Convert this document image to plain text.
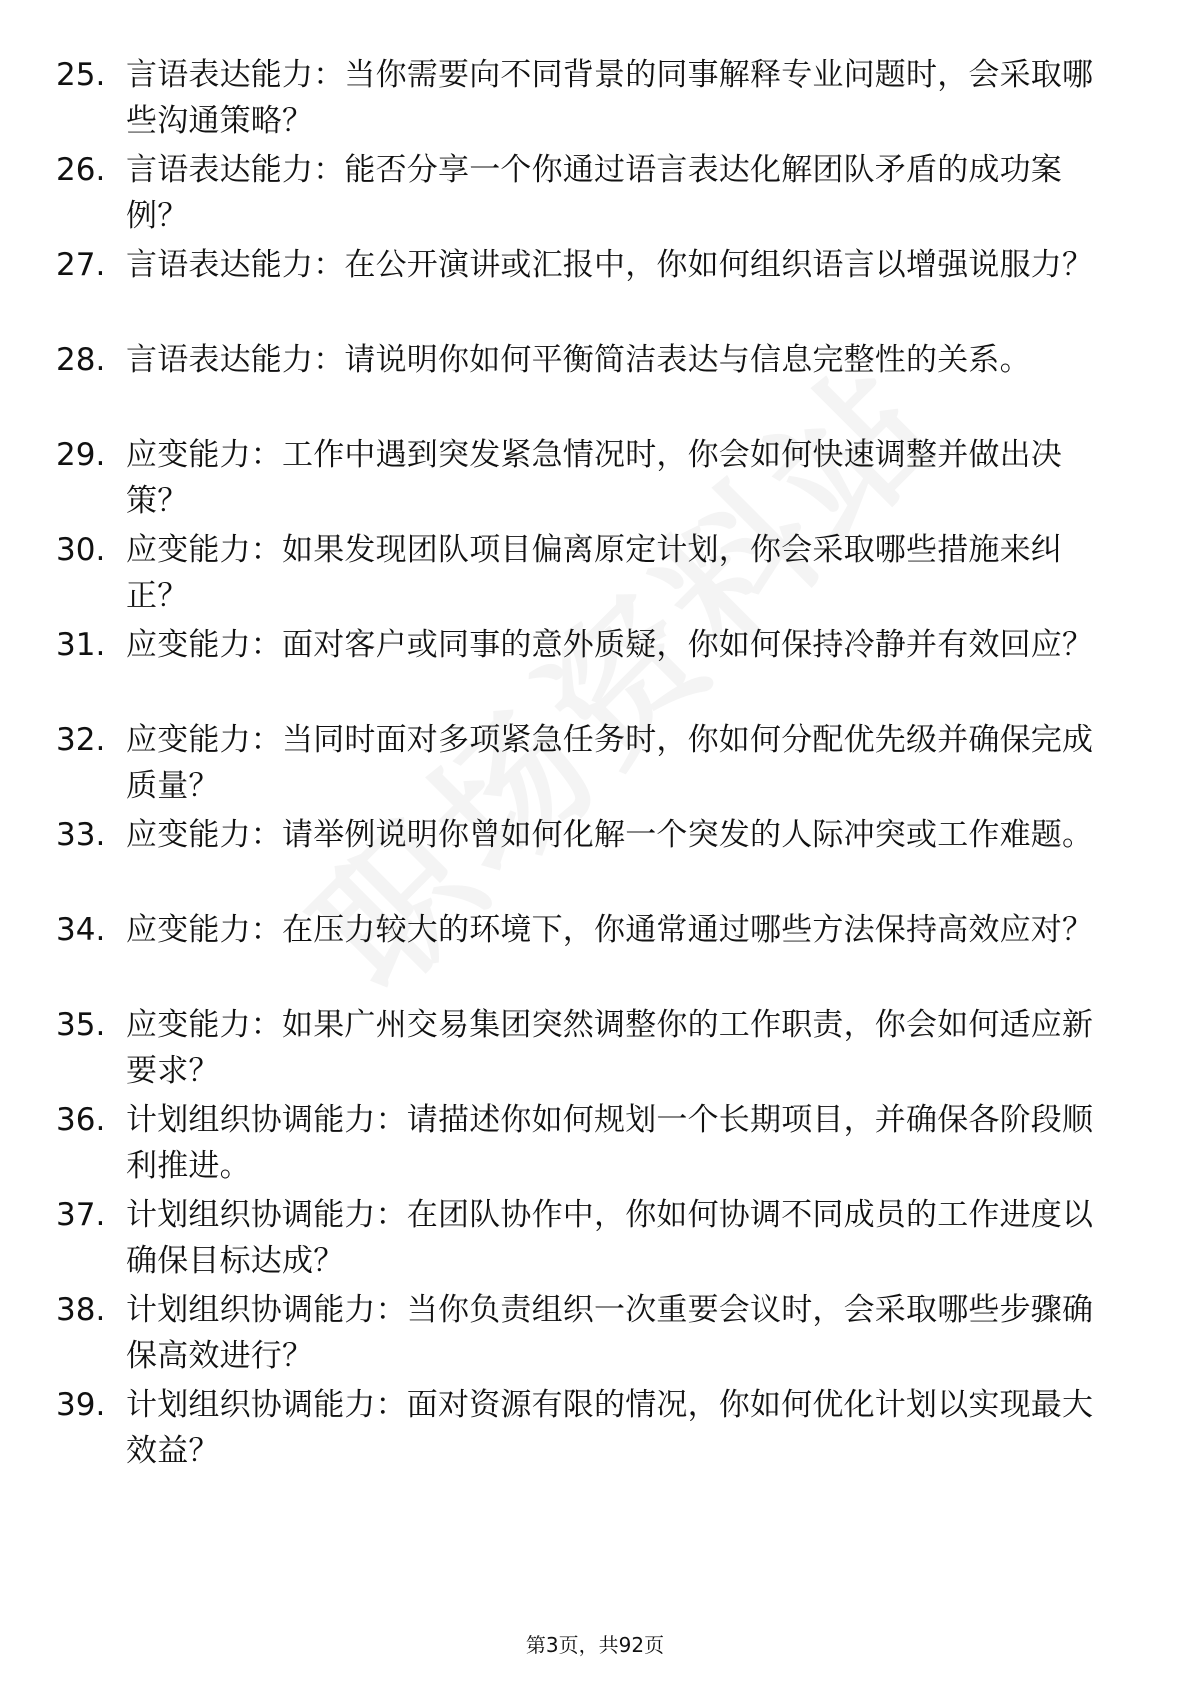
25. 言语表达能力：当你需要向不同背景的同事解释专业问题时，会采取哪些沟通策略？
26. 言语表达能力：能否分享一个你通过语言表达化解团队矛盾的成功案例？
27. 言语表达能力：在公开演讲或汇报中，你如何组织语言以增强说服力？
28. 言语表达能力：请说明你如何平衡简洁表达与信息完整性的关系。
29. 应变能力：工作中遇到突发紧急情况时，你会如何快速调整并做出决策？
30. 应变能力：如果发现团队项目偏离原定计划，你会采取哪些措施来纠正？
31. 应变能力：面对客户或同事的意外质疑，你如何保持冷静并有效回应？
32. 应变能力：当同时面对多项紧急任务时，你如何分配优先级并确保完成质量？
33. 应变能力：请举例说明你曾如何化解一个突发的人际冲突或工作难题。
34. 应变能力：在压力较大的环境下，你通常通过哪些方法保持高效应对？
35. 应变能力：如果广州交易集团突然调整你的工作职责，你会如何适应新要求？
36. 计划组织协调能力：请描述你如何规划一个长期项目，并确保各阶段顺利推进。
37. 计划组织协调能力：在团队协作中，你如何协调不同成员的工作进度以确保目标达成？
38. 计划组织协调能力：当你负责组织一次重要会议时，会采取哪些步骤确保高效进行？
39. 计划组织协调能力：面对资源有限的情况，你如何优化计划以实现最大效益？
第3页，共92页
